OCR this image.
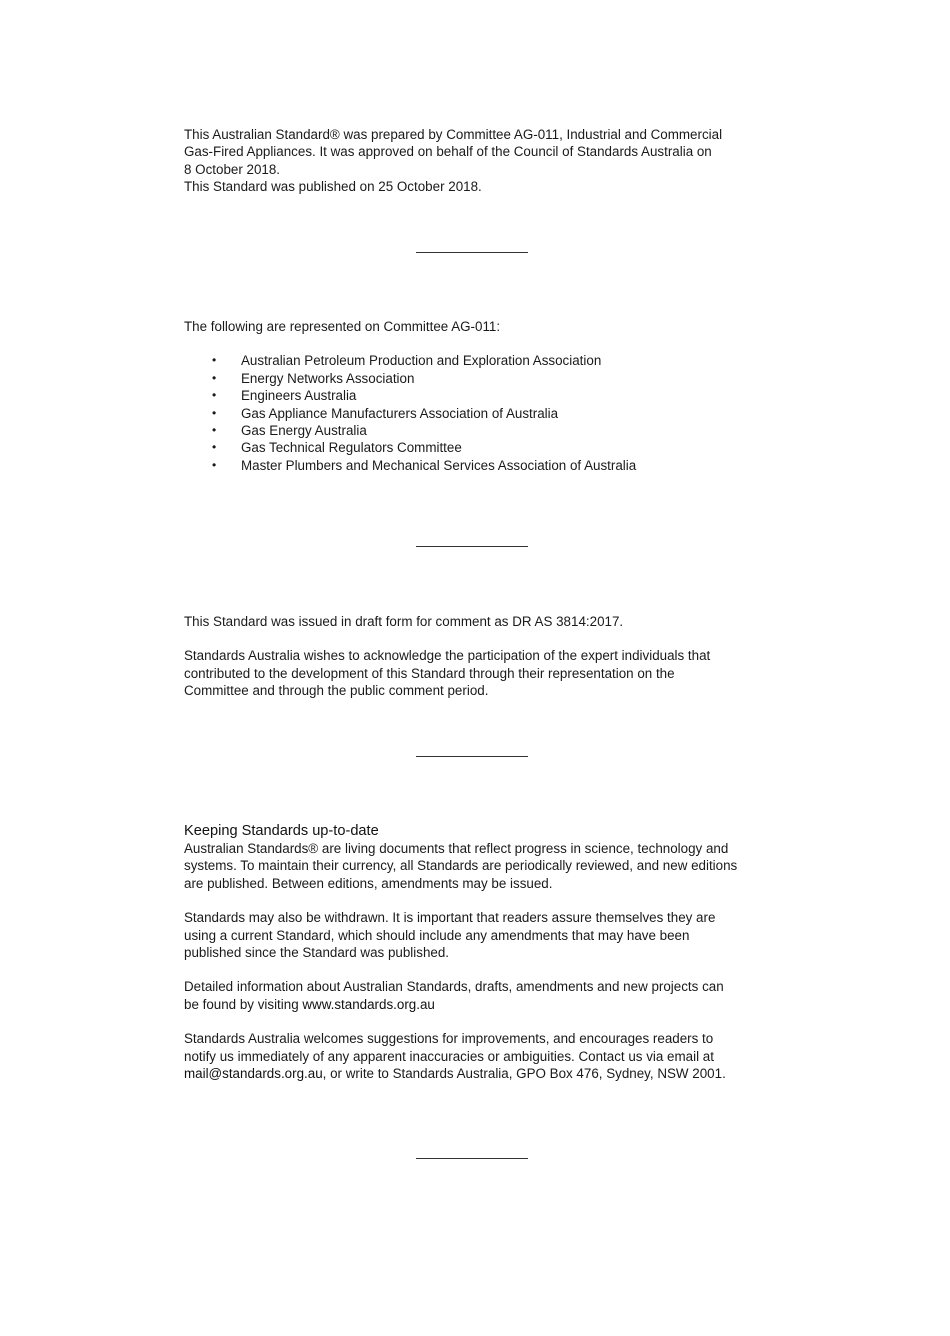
This Australian Standard® was prepared by Committee AG-011, Industrial and Commercial

Gas-Fired Appliances. It was approved on behalf of the Council of Standards Australia on

8 October 2018.

This Standard was published on 25 October 2018.

The following are represented on Committee AG-011:

• Australian Petroleum Production and Exploration Association
• Energy Networks Association
• Engineers Australia
• Gas Appliance Manufacturers Association of Australia
• Gas Energy Australia
• Gas Technical Regulators Committee
• Master Plumbers and Mechanical Services Association of Australia

This Standard was issued in draft form for comment as DR AS 3814:2017.

Standards Australia wishes to acknowledge the participation of the expert individuals that

contributed to the development of this Standard through their representation on the

Committee and through the public comment period.

Keeping Standards up-to-date

Australian Standards® are living documents that reflect progress in science, technology and

systems. To maintain their currency, all Standards are periodically reviewed, and new editions

are published. Between editions, amendments may be issued.

Standards may also be withdrawn. It is important that readers assure themselves they are

using a current Standard, which should include any amendments that may have been

published since the Standard was published.

Detailed information about Australian Standards, drafts, amendments and new projects can

be found by visiting www.standards.org.au

Standards Australia welcomes suggestions for improvements, and encourages readers to

notify us immediately of any apparent inaccuracies or ambiguities. Contact us via email at

mail@standards.org.au, or write to Standards Australia, GPO Box 476, Sydney, NSW 2001.
